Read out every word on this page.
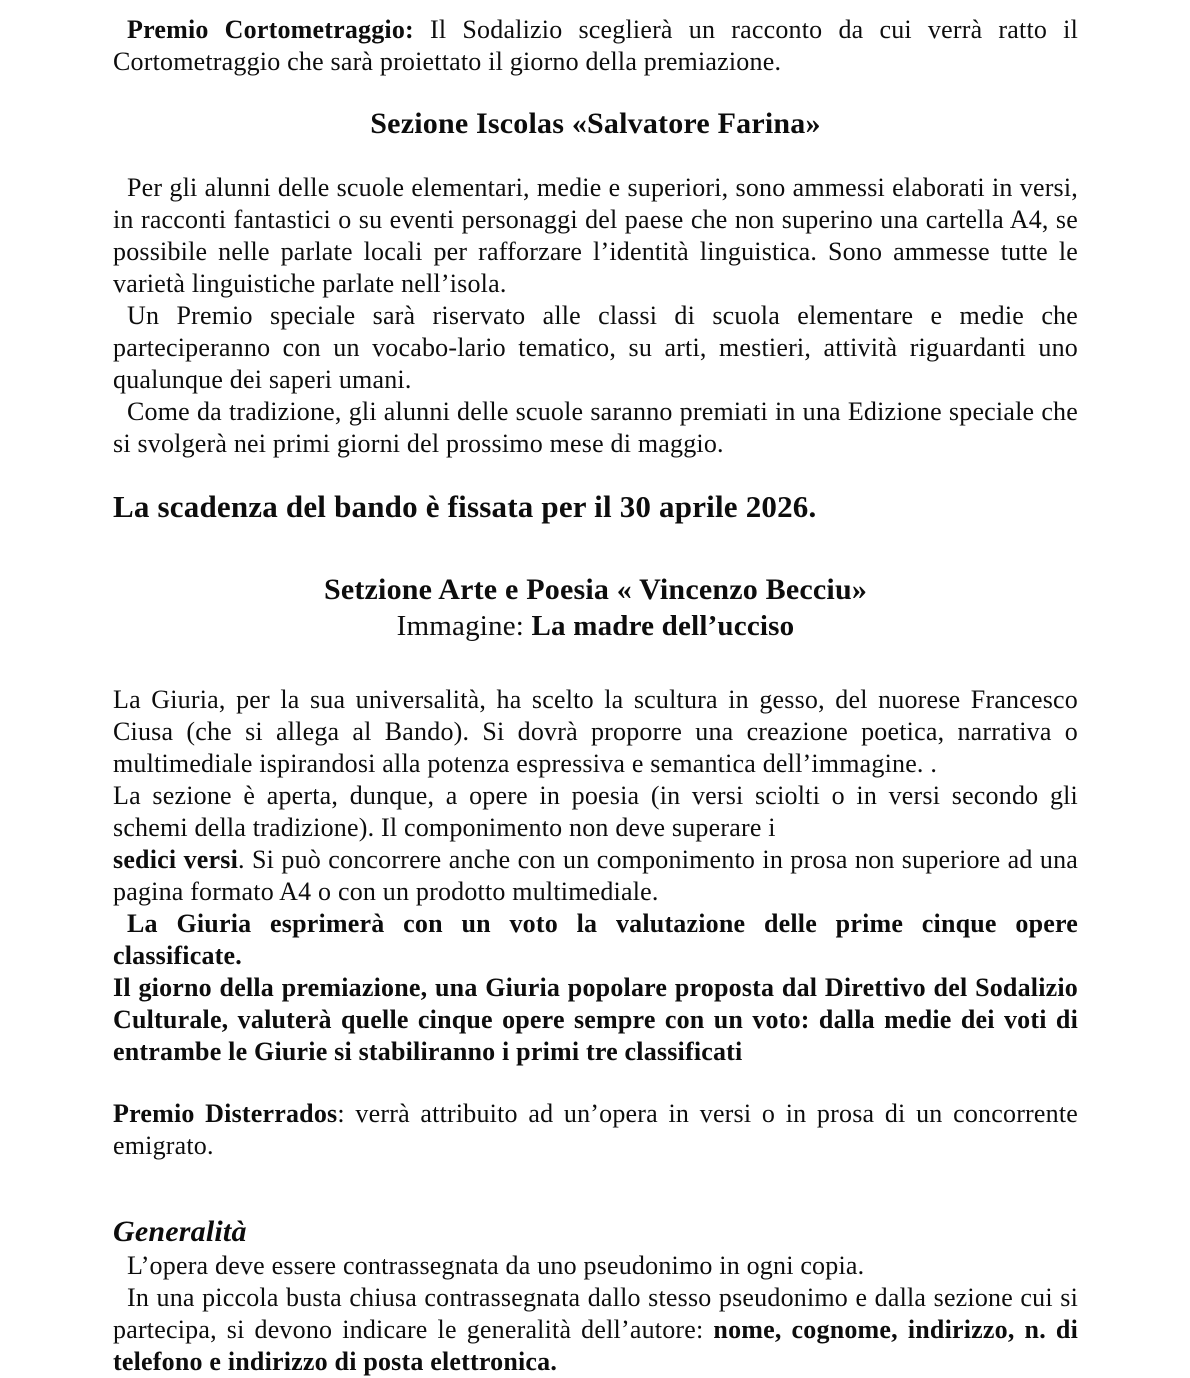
Premio Cortometraggio: Il Sodalizio sceglierà un racconto da cui verrà ratto il Cortometraggio che sarà proiettato il giorno della premiazione.
Sezione Iscolas «Salvatore Farina»
Per gli alunni delle scuole elementari, medie e superiori, sono ammessi elaborati in versi, in racconti fantastici o su eventi personaggi del paese che non superino una cartella A4, se possibile nelle parlate locali per rafforzare l’identità linguistica. Sono ammesse tutte le varietà linguistiche parlate nell’isola.
Un Premio speciale sarà riservato alle classi di scuola elementare e medie che parteciperanno con un vocabo-lario tematico, su arti, mestieri, attività riguardanti uno qualunque dei saperi umani.
Come da tradizione, gli alunni delle scuole saranno premiati in una Edizione speciale che si svolgerà nei primi giorni del prossimo mese di maggio.
La scadenza del bando è fissata per il 30 aprile 2026.
Setzione Arte e Poesia « Vincenzo Becciu»
Immagine: La madre dell’ucciso
La Giuria, per la sua universalità, ha scelto la scultura in gesso, del nuorese Francesco Ciusa (che si allega al Bando). Si dovrà proporre una creazione poetica, narrativa o multimediale ispirandosi alla potenza espressiva e semantica dell’immagine. .
La sezione è aperta, dunque, a opere in poesia (in versi sciolti o in versi secondo gli schemi della tradizione). Il componimento non deve superare i
sedici versi. Si può concorrere anche con un componimento in prosa non superiore ad una pagina formato A4 o con un prodotto multimediale.
La Giuria esprimerà con un voto la valutazione delle prime cinque opere classificate.
Il giorno della premiazione, una Giuria popolare proposta dal Direttivo del Sodalizio Culturale, valuterà quelle cinque opere sempre con un voto: dalla medie dei voti di entrambe le Giurie si stabiliranno i primi tre classificati
Premio Disterrados: verrà attribuito ad un’opera in versi o in prosa di un concorrente emigrato.
Generalità
L’opera deve essere contrassegnata da uno pseudonimo in ogni copia.
In una piccola busta chiusa contrassegnata dallo stesso pseudonimo e dalla sezione cui si partecipa, si devono indicare le generalità dell’autore: nome, cognome, indirizzo, n. di telefono e indirizzo di posta elettronica.
